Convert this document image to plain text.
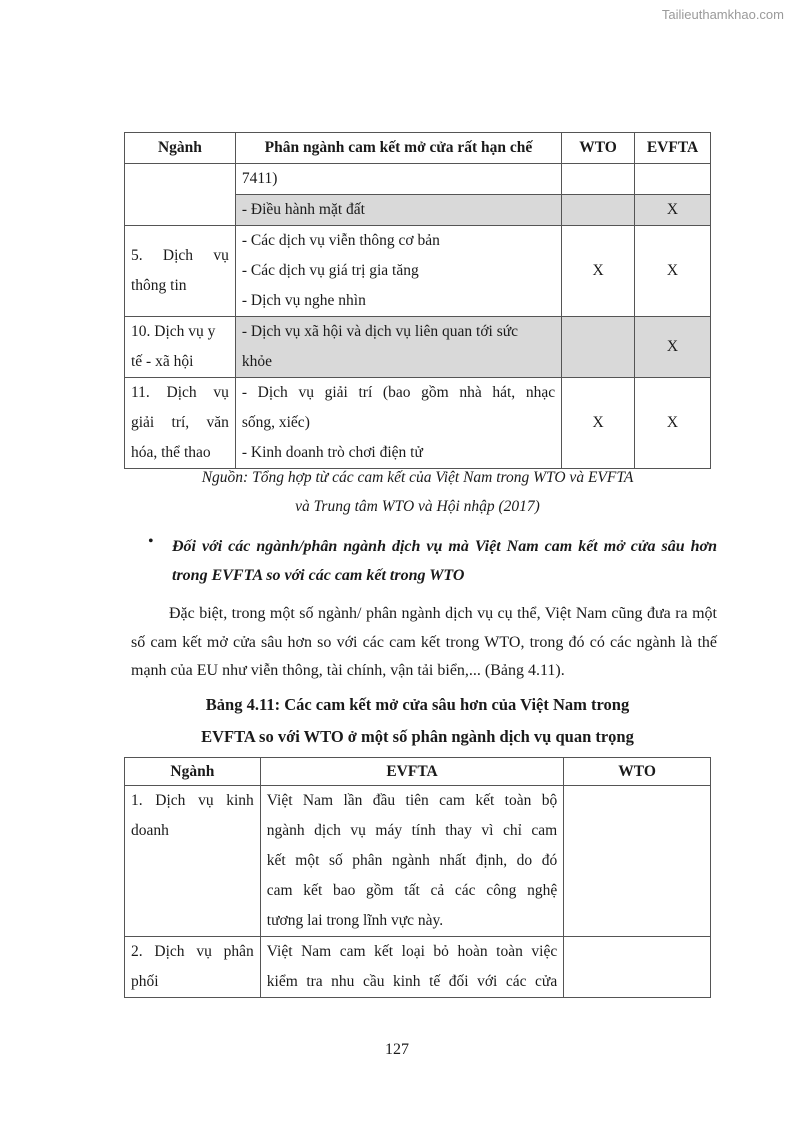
Tailieuthamkhao.com
Ngành	Phân ngành cam kết mở cửa rất hạn chế	WTO	EVFTA
	7411)		
	- Điều hành mặt đất		X

5. Dịch vụ
thông tin	- Các dịch vụ viễn thông cơ bản
- Các dịch vụ giá trị gia tăng
- Dịch vụ nghe nhìn	X	X

10. Dịch vụ y
tế - xã hội	- Dịch vụ xã hội và dịch vụ liên quan tới sức
khỏe		X

11. Dịch vụ
giải trí, văn
hóa, thể thao	- Dịch vụ giải trí (bao gồm nhà hát, nhạc
sống, xiếc)
- Kinh doanh trò chơi điện tử	X	X
Nguồn: Tổng hợp từ các cam kết của Việt Nam trong WTO và EVFTA
và Trung tâm WTO và Hội nhập (2017)
• Đối với các ngành/phân ngành dịch vụ mà Việt Nam cam kết mở cửa sâu hơn trong EVFTA so với các cam kết trong WTO
Đặc biệt, trong một số ngành/ phân ngành dịch vụ cụ thể, Việt Nam cũng đưa ra một số cam kết mở cửa sâu hơn so với các cam kết trong WTO, trong đó có các ngành là thế mạnh của EU như viễn thông, tài chính, vận tải biển,... (Bảng 4.11).
Bảng 4.11: Các cam kết mở cửa sâu hơn của Việt Nam trong
EVFTA so với WTO ở một số phân ngành dịch vụ quan trọng
Ngành	EVFTA	WTO

1. Dịch vụ kinh
doanh	Việt Nam lần đầu tiên cam kết toàn bộ
ngành dịch vụ máy tính thay vì chỉ cam
kết một số phân ngành nhất định, do đó
cam kết bao gồm tất cả các công nghệ
tương lai trong lĩnh vực này.	

2. Dịch vụ phân
phối	Việt Nam cam kết loại bỏ hoàn toàn việc
kiểm tra nhu cầu kinh tế đối với các cửa	

127
